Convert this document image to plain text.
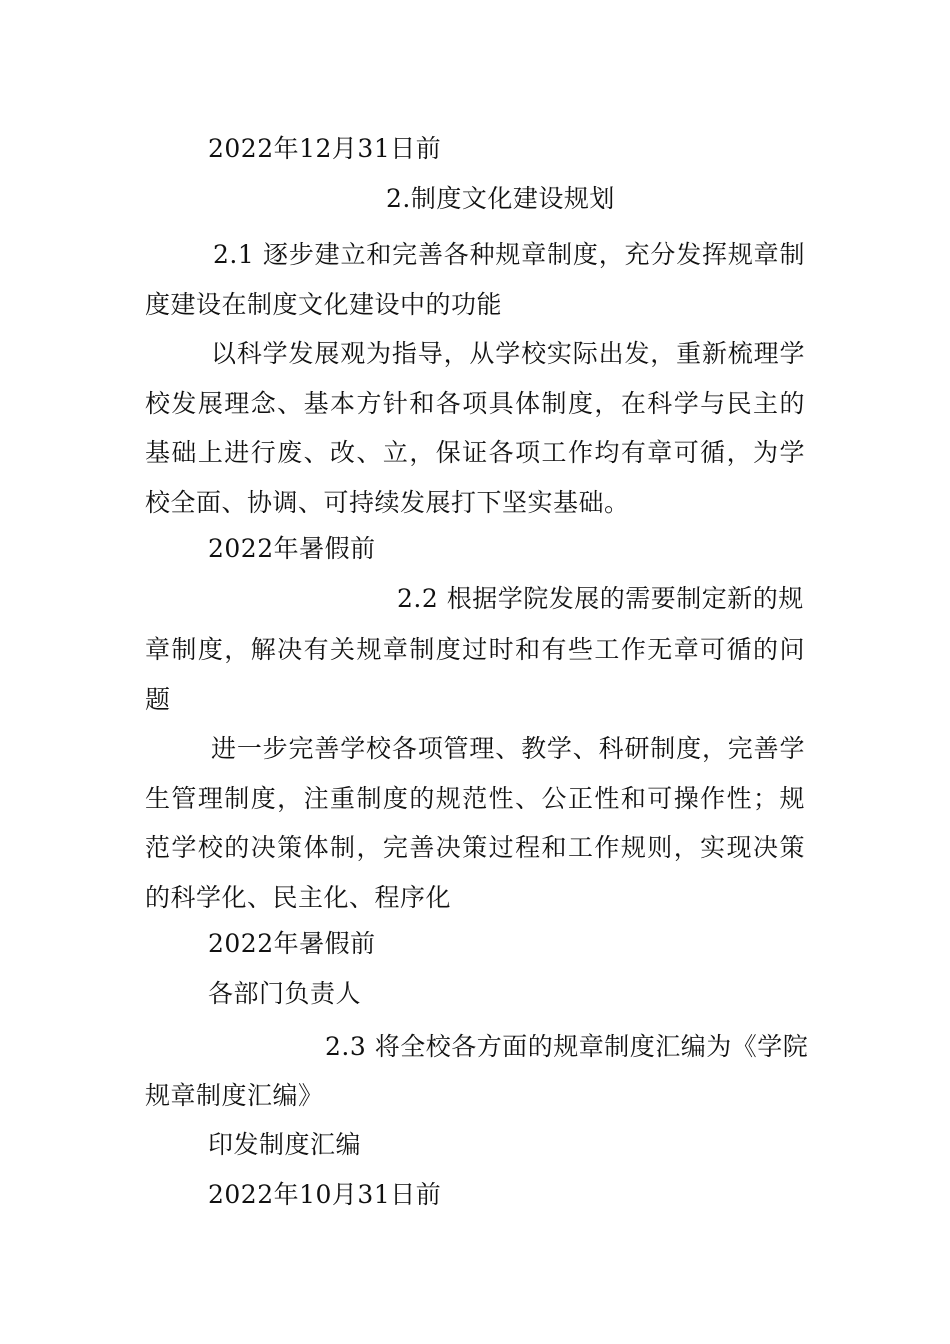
2022年12月31日前
2.制度文化建设规划
2.1 逐步建立和完善各种规章制度，充分发挥规章制度建设在制度文化建设中的功能
以科学发展观为指导，从学校实际出发，重新梳理学校发展理念、基本方针和各项具体制度，在科学与民主的基础上进行废、改、立，保证各项工作均有章可循，为学校全面、协调、可持续发展打下坚实基础。
2022年暑假前
2.2 根据学院发展的需要制定新的规
章制度，解决有关规章制度过时和有些工作无章可循的问题
进一步完善学校各项管理、教学、科研制度，完善学生管理制度，注重制度的规范性、公正性和可操作性；规范学校的决策体制，完善决策过程和工作规则，实现决策的科学化、民主化、程序化
2022年暑假前
各部门负责人
2.3 将全校各方面的规章制度汇编为《学院
规章制度汇编》
印发制度汇编
2022年10月31日前
